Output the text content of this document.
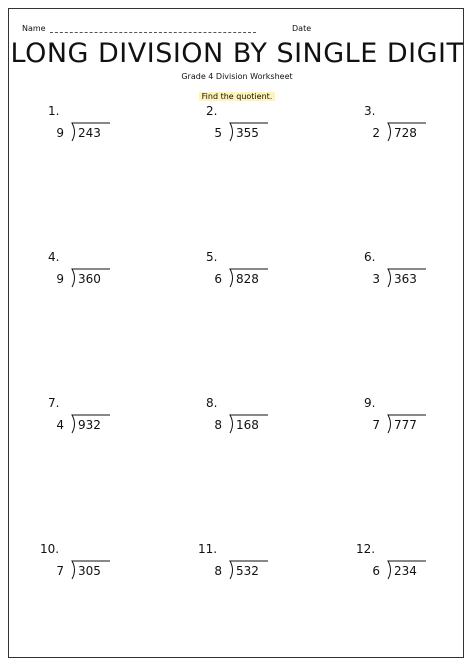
Name	Date
LONG DIVISION BY SINGLE DIGIT
Grade 4 Division Worksheet
Find the quotient.
1.
9 243
2.
5 355
3.
2 728
4.
9 360
5.
6 828
6.
3 363
7.
4 932
8.
8 168
9.
7 777
10.
7 305
11.
8 532
12.
6 234
